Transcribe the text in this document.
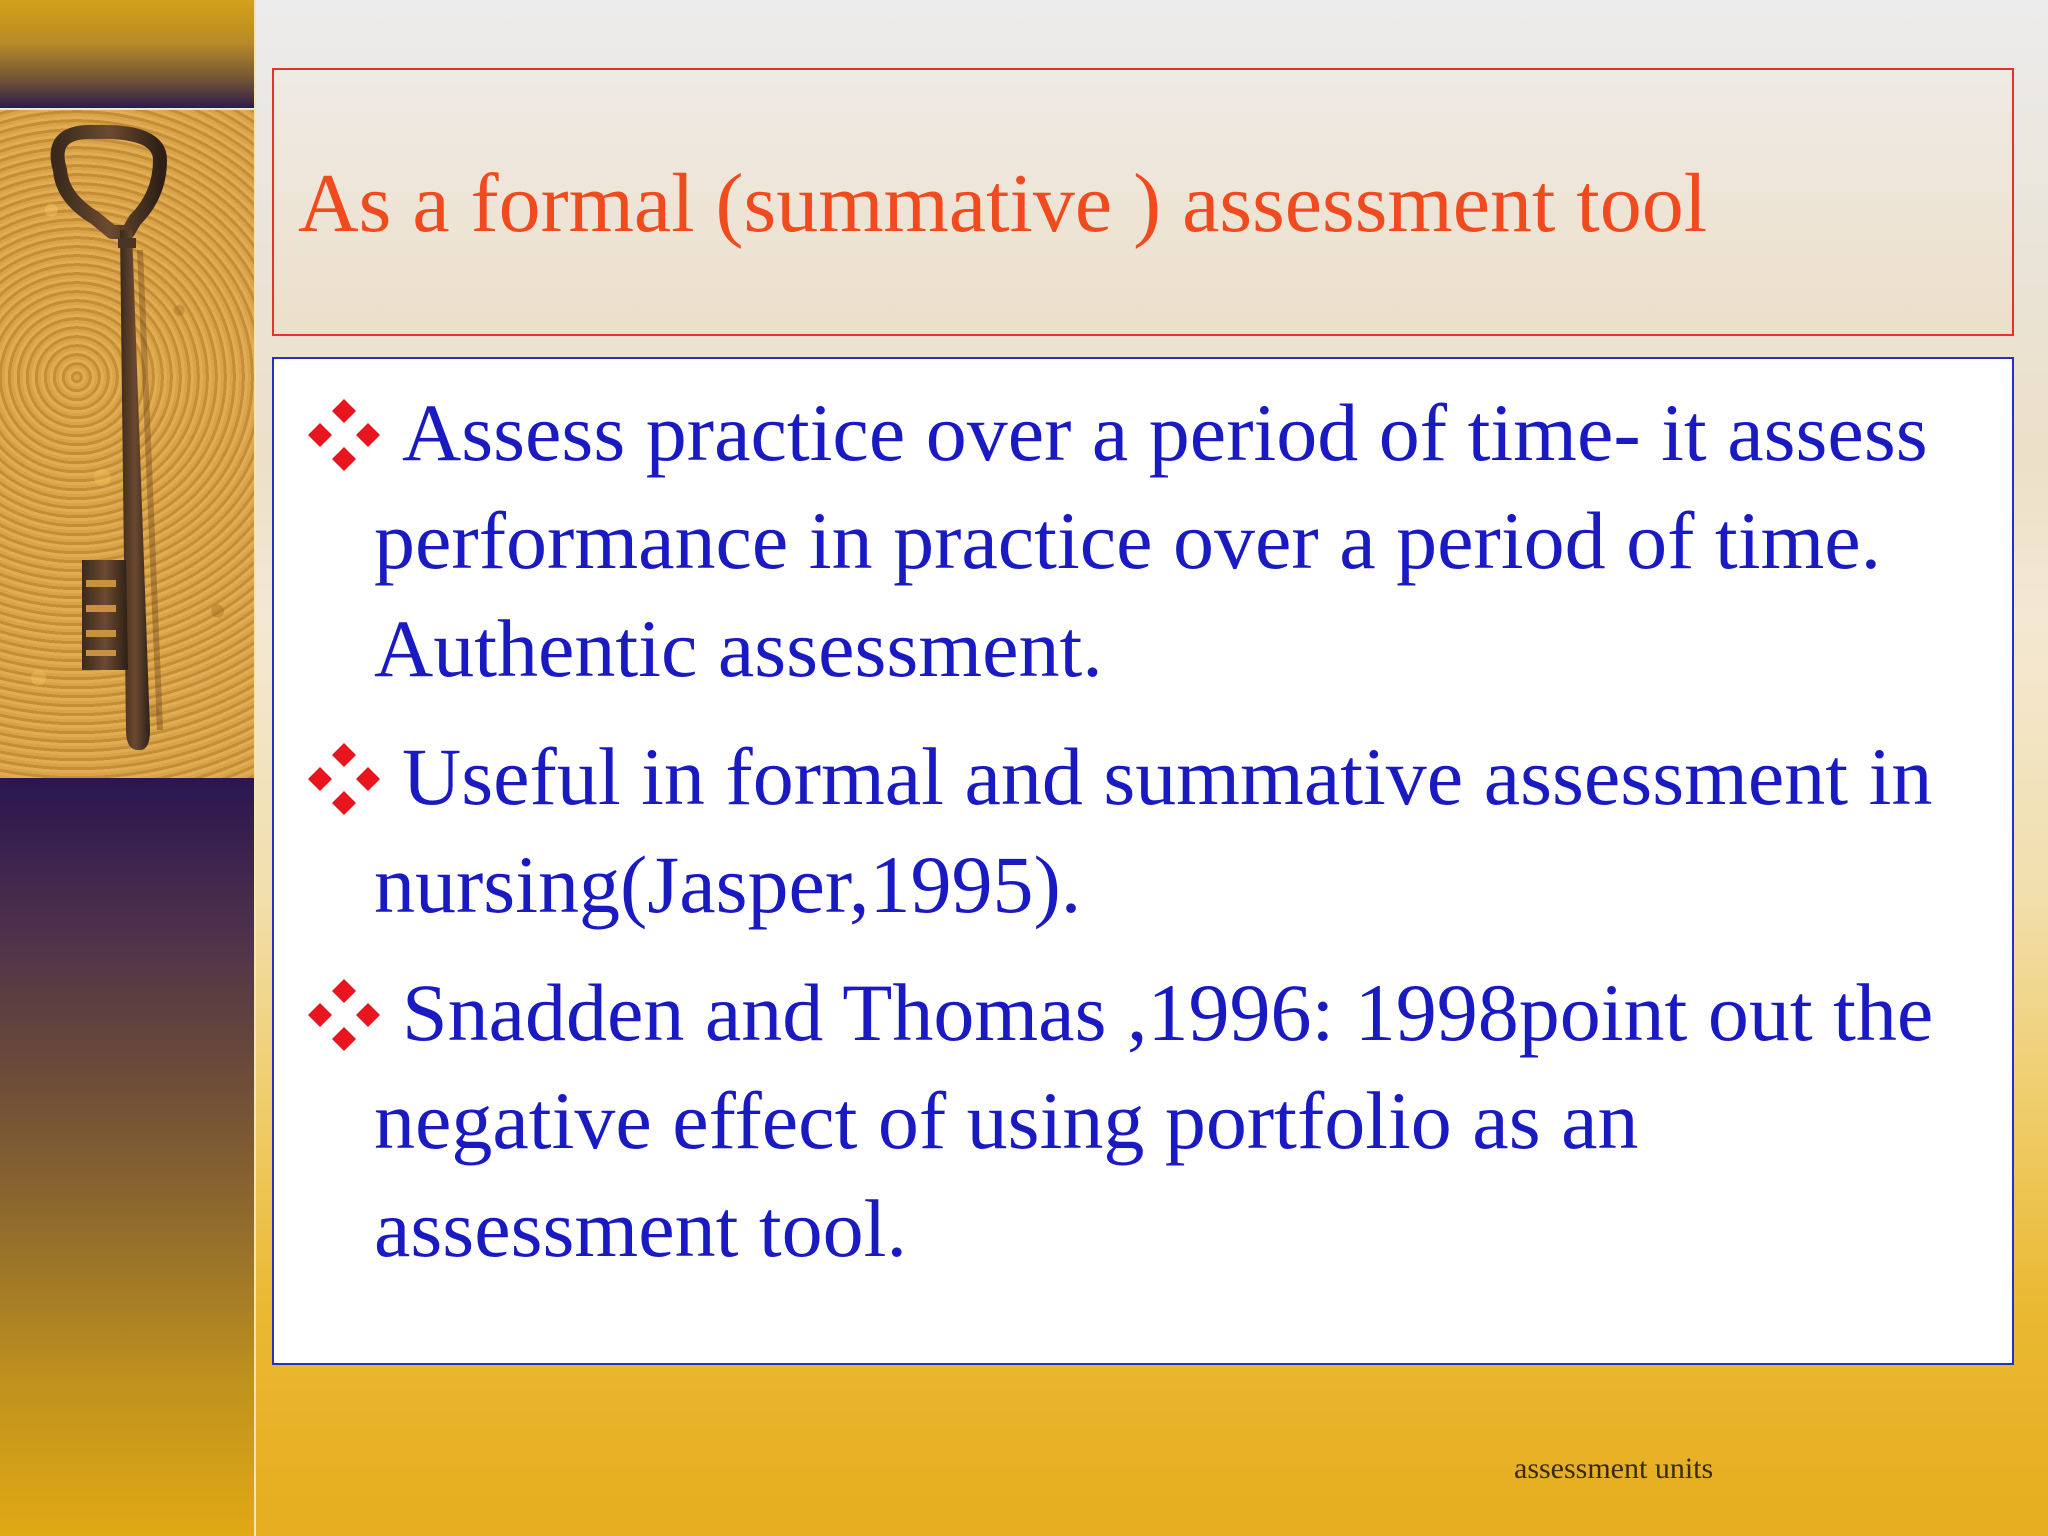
As a formal (summative ) assessment tool
Assess practice over a period of time- it assess performance in practice over a period of time. Authentic assessment.
Useful in formal and summative assessment in nursing(Jasper,1995).
Snadden and Thomas ,1996: 1998point out the negative effect of using portfolio as an assessment tool.
assessment units
